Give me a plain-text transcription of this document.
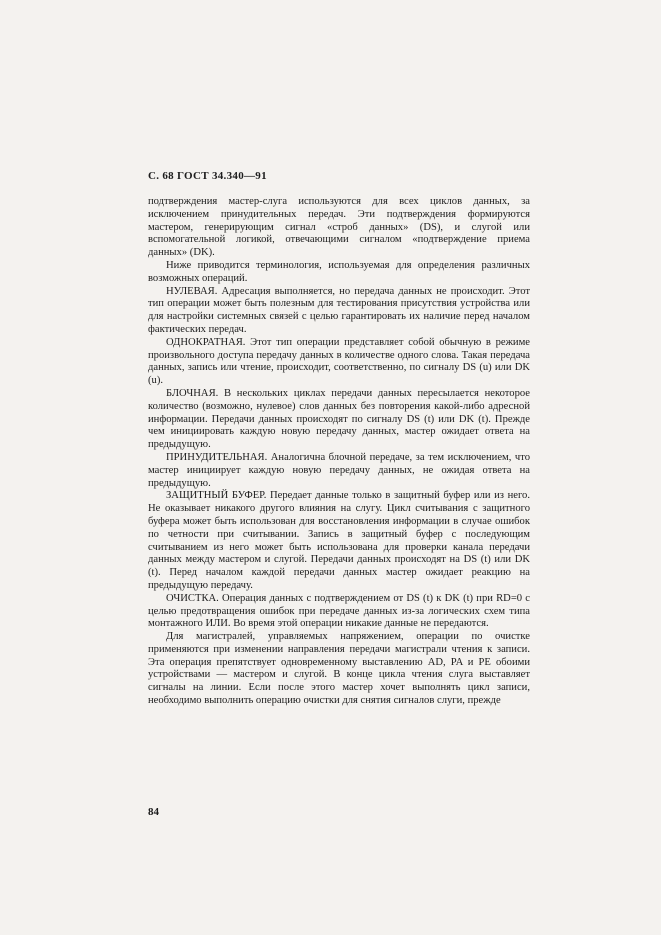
С. 68 ГОСТ 34.340—91

подтверждения мастер-слуга используются для всех циклов данных, за исключением принудительных передач. Эти подтверждения формируются мастером, генерирующим сигнал «строб данных» (DS), и слугой или вспомогательной логикой, отвечающими сигналом «подтверждение приема данных» (DK).

Ниже приводится терминология, используемая для определения различных возможных операций.

НУЛЕВАЯ. Адресация выполняется, но передача данных не происходит. Этот тип операции может быть полезным для тестирования присутствия устройства или для настройки системных связей с целью гарантировать их наличие перед началом фактических передач.

ОДНОКРАТНАЯ. Этот тип операции представляет собой обычную в режиме произвольного доступа передачу данных в количестве одного слова. Такая передача данных, запись или чтение, происходит, соответственно, по сигналу DS (u) или DK (u).

БЛОЧНАЯ. В нескольких циклах передачи данных пересылается некоторое количество (возможно, нулевое) слов данных без повторения какой-либо адресной информации. Передачи данных происходят по сигналу DS (t) или DK (t). Прежде чем инициировать каждую новую передачу данных, мастер ожидает ответа на предыдущую.

ПРИНУДИТЕЛЬНАЯ. Аналогична блочной передаче, за тем исключением, что мастер инициирует каждую новую передачу данных, не ожидая ответа на предыдущую.

ЗАЩИТНЫЙ БУФЕР. Передает данные только в защитный буфер или из него. Не оказывает никакого другого влияния на слугу. Цикл считывания с защитного буфера может быть использован для восстановления информации в случае ошибок по четности при считывании. Запись в защитный буфер с последующим считыванием из него может быть использована для проверки канала передачи данных между мастером и слугой. Передачи данных происходят на DS (t) или DK (t). Перед началом каждой передачи данных мастер ожидает реакцию на предыдущую передачу.

ОЧИСТКА. Операция данных с подтверждением от DS (t) к DK (t) при RD=0 с целью предотвращения ошибок при передаче данных из-за логических схем типа монтажного ИЛИ. Во время этой операции никакие данные не передаются.

Для магистралей, управляемых напряжением, операции по очистке применяются при изменении направления передачи магистрали чтения к записи. Эта операция препятствует одновременному выставлению AD, PA и PE обоими устройствами — мастером и слугой. В конце цикла чтения слуга выставляет сигналы на линии. Если после этого мастер хочет выполнять цикл записи, необходимо выполнить операцию очистки для снятия сигналов слуги, прежде

84
